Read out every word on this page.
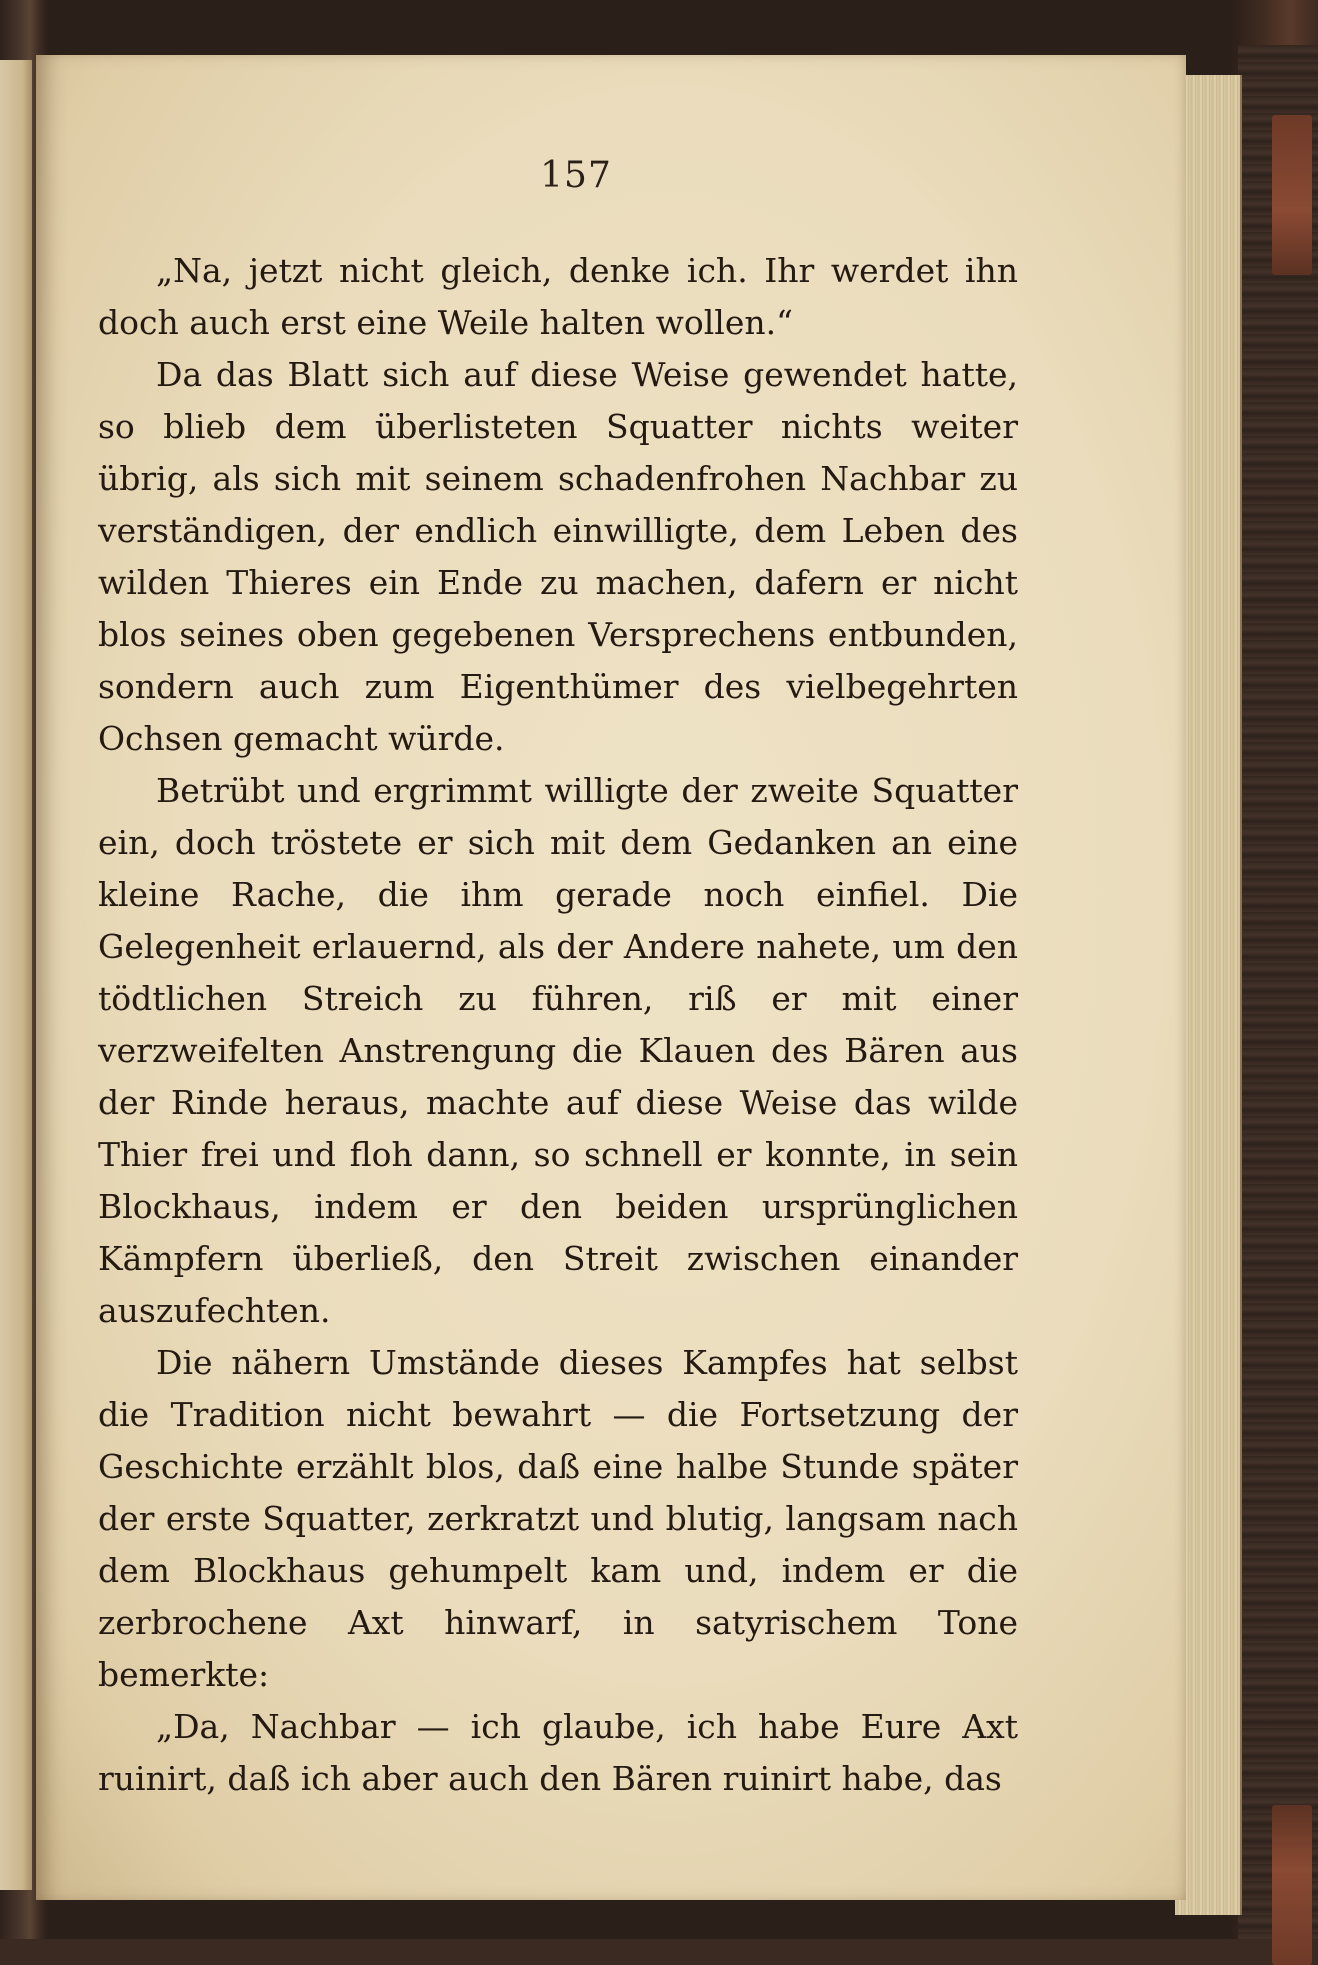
157

„Na, jetzt nicht gleich, denke ich. Ihr werdet ihn doch auch erst eine Weile halten wollen.“

Da das Blatt sich auf diese Weise gewendet hatte, so blieb dem überlisteten Squatter nichts weiter übrig, als sich mit seinem schadenfrohen Nachbar zu verständigen, der endlich einwilligte, dem Leben des wilden Thieres ein Ende zu machen, dafern er nicht blos seines oben gegebenen Versprechens entbunden, sondern auch zum Eigenthümer des vielbegehrten Ochsen gemacht würde.

Betrübt und ergrimmt willigte der zweite Squatter ein, doch tröstete er sich mit dem Gedanken an eine kleine Rache, die ihm gerade noch einfiel. Die Gelegenheit erlauernd, als der Andere nahete, um den tödtlichen Streich zu führen, riß er mit einer verzweifelten Anstrengung die Klauen des Bären aus der Rinde heraus, machte auf diese Weise das wilde Thier frei und floh dann, so schnell er konnte, in sein Blockhaus, indem er den beiden ursprünglichen Kämpfern überließ, den Streit zwischen einander auszufechten.

Die nähern Umstände dieses Kampfes hat selbst die Tradition nicht bewahrt — die Fortsetzung der Geschichte erzählt blos, daß eine halbe Stunde später der erste Squatter, zerkratzt und blutig, langsam nach dem Blockhaus gehumpelt kam und, indem er die zerbrochene Axt hinwarf, in satyrischem Tone bemerkte:

„Da, Nachbar — ich glaube, ich habe Eure Axt ruinirt, daß ich aber auch den Bären ruinirt habe, das
